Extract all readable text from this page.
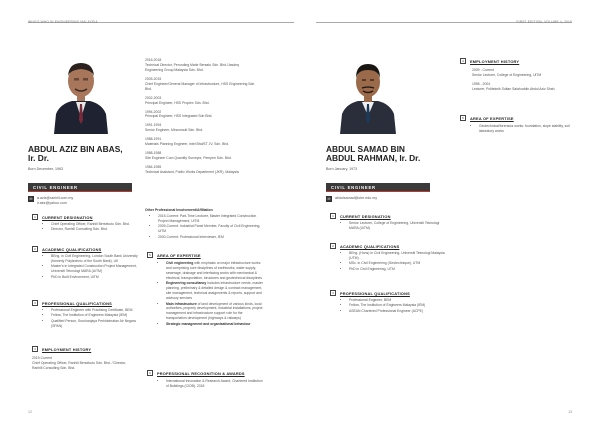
WHO'S WHO IN ENGINEERING MALAYSIA
ABDUL AZIZ BIN ABAS,
Ir. Dr.
Born December, 1963
CIVIL ENGINEER
✉	a.aziz@ranhill.com.my
ir.abz@yahoo.com
1	CURRENT DESIGNATION
• Chief Operating Officer, Ranhill Bersekutu Sdn. Bhd.
• Director, Ranhill Consulting Sdn. Bhd.
2	ACADEMIC QUALIFICATIONS
• BEng. in Civil Engineering, London South Bank University (formerly Polytechnic of the South Bank), UK
• Master's in Integrated Construction Project Management, Universiti Teknologi MARA (UiTM)
• PhD in Built Environment, UiTM
3	PROFESSIONAL QUALIFICATIONS
• Professional Engineer with Practising Certificate, BEM
• Fellow, The Institution of Engineers Malaysia (IEM)
• Qualified Person, Suruhanjaya Perkhidmatan Air Negara (SPAN)
4	EMPLOYMENT HISTORY
2019-Current
Chief Operating Officer, Ranhill Bersekutu Sdn. Bhd. / Director, Ranhill Consulting Sdn. Bhd.
2016-2018
Technical Director, Perunding Mahir Bersatu Sdn. Bhd./Jasdeq Engineering Group Malaysia Sdn. Bhd.
2005-2015
Chief Engineer/General Manager of Infrastructure, HSS Engineering Sdn. Bhd.
2002-2003
Principal Engineer, HSS Proplex Sdn. Bhd.
1994-2002
Principal Engineer, HSS Integrated Sdn Bhd.
1991-1994
Senior Engineer, Minconsult Sdn. Bhd.
1988-1991
Materials Planning Engineer, Intel Bhd/ST JV, Sdn. Bhd.
1988-1988
Site Engineer Cum Quantity Surveyor, Pempen Sdn. Bhd.
1984-1985
Technical Assistant, Public Works Department (JKR), Malaysia
Other Professional Involvement/Affiliation
• 2015-Current: Part-Time Lecturer, Master Integrated Construction Project Management, UiTM
• 2009-Current: Industrial Panel Member, Faculty of Civil Engineering, UiTM
• 2000-Current: Professional Interviewer, IEM
5	AREA OF EXPERTISE
• Civil engineering with emphasis on major infrastructure works and comprising core disciplines of earthworks, water supply, sewerage, drainage and interfacing works with mechanical & electrical, transportation, structures and geotechnical disciplines
• Engineering consultancy includes infrastructure needs, master planning, preliminary & detailed design & contract management, site management, technical assignments & reports, support and advisory services
• Main infrastructure of land development of various kinds, local authorities, property development, industrial installations, project management and infrastructure support role for the transportation development (highways & railways)
• Strategic management and organisational behaviour
6	PROFESSIONAL RECOGNITION & AWARDS
• International Innovation & Research Award, Chartered Institution of Buildings (CIOB), 2018
12
FIRST EDITION, VOLUME 4, 2019
ABDUL SAMAD BIN
ABDUL RAHMAN, Ir. Dr.
Born January, 1973
CIVIL ENGINEER
✉	abdulsamad@utm.edu.my
1	CURRENT DESIGNATION
• Senior Lecturer, College of Engineering, Universiti Teknologi MARA (UiTM)
2	ACADEMIC QUALIFICATIONS
• BEng. (Hons) in Civil Engineering, Universiti Teknologi Malaysia (UTM)
• MSc. in Civil Engineering (Geotechnique), UTM
• PhD in Civil Engineering, UTM
3	PROFESSIONAL QUALIFICATIONS
• Professional Engineer, BEM
• Fellow, The Institution of Engineers Malaysia (IEM)
• ASEAN Chartered Professional Engineer (ACPE)
4	EMPLOYMENT HISTORY
2009 - Current
Senior Lecturer, College of Engineering, UiTM
1998 - 2004
Lecturer, Politeknik Sultan Salahuddin Abdul Aziz Shah
5	AREA OF EXPERTISE
• Geotechnical/forensics works: foundation, slope stability, soil laboratory works
13
